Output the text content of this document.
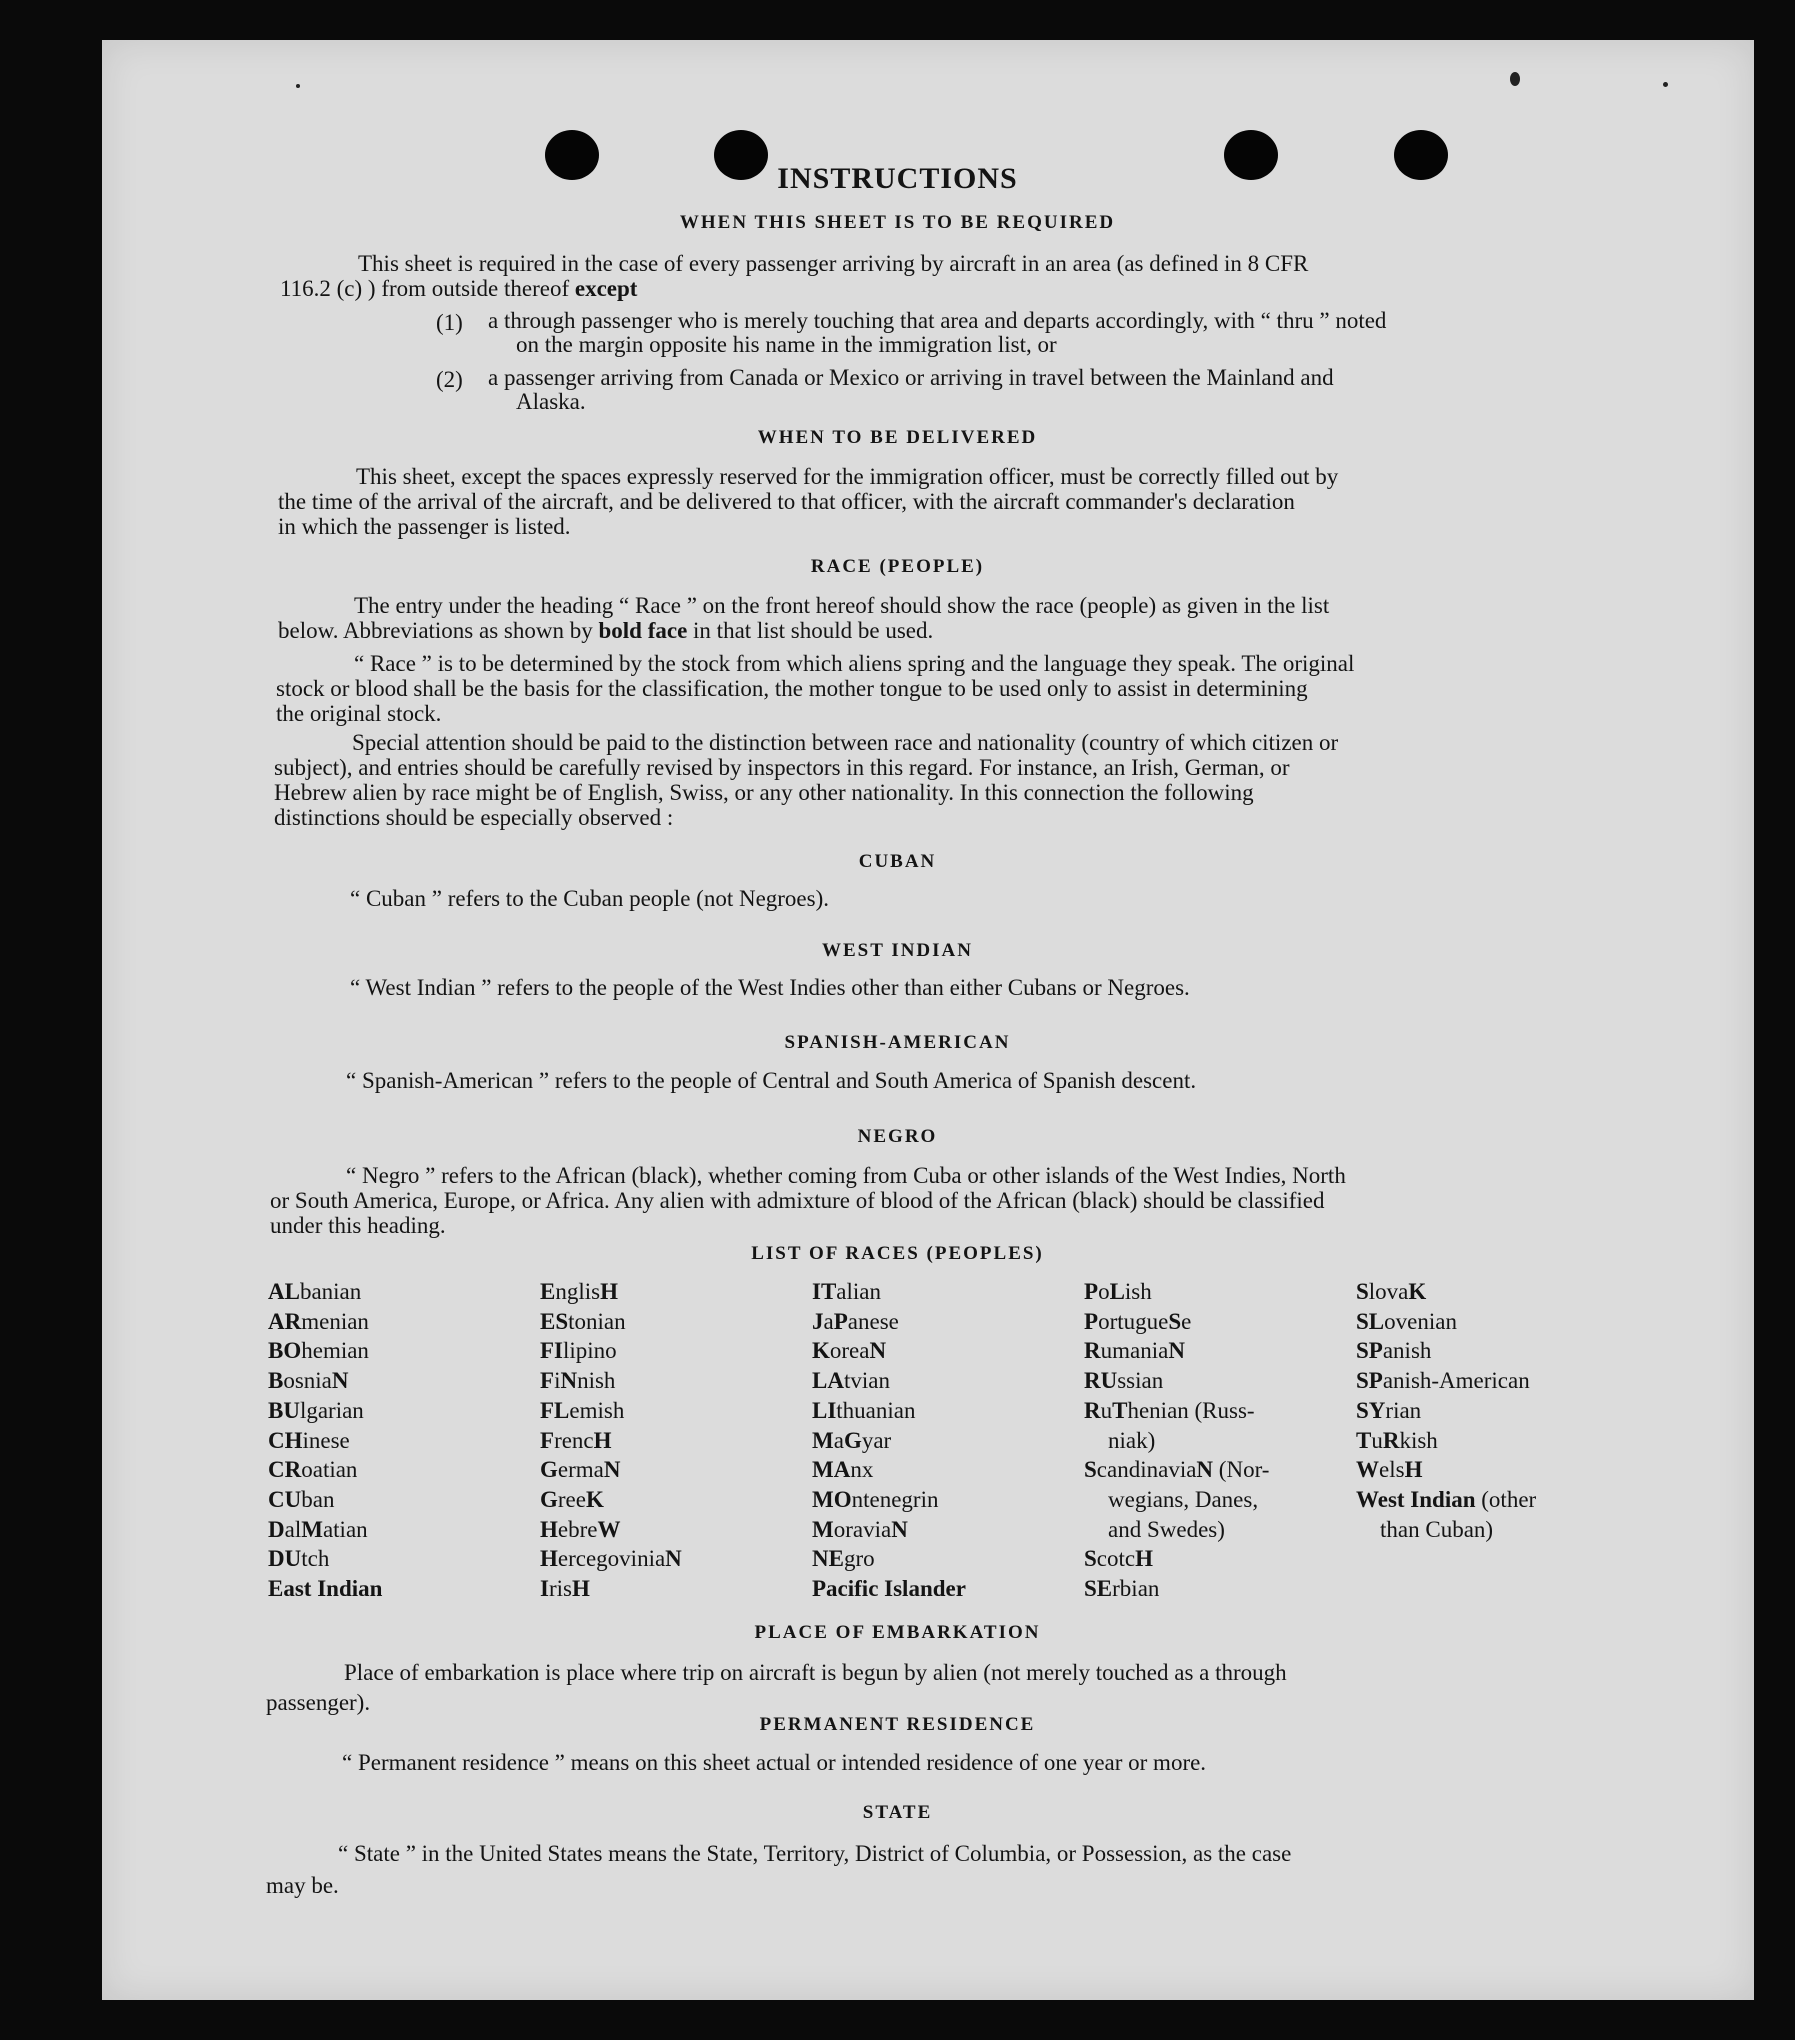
INSTRUCTIONS
WHEN THIS SHEET IS TO BE REQUIRED
This sheet is required in the case of every passenger arriving by aircraft in an area (as defined in 8 CFR
116.2 (c) ) from outside thereof except
(1) a through passenger who is merely touching that area and departs accordingly, with “ thru ” noted
on the margin opposite his name in the immigration list, or
(2) a passenger arriving from Canada or Mexico or arriving in travel between the Mainland and
Alaska.
WHEN TO BE DELIVERED
This sheet, except the spaces expressly reserved for the immigration officer, must be correctly filled out by
the time of the arrival of the aircraft, and be delivered to that officer, with the aircraft commander's declaration
in which the passenger is listed.
RACE (PEOPLE)
The entry under the heading “ Race ” on the front hereof should show the race (people) as given in the list
below. Abbreviations as shown by bold face in that list should be used.
“ Race ” is to be determined by the stock from which aliens spring and the language they speak. The original
stock or blood shall be the basis for the classification, the mother tongue to be used only to assist in determining
the original stock.
Special attention should be paid to the distinction between race and nationality (country of which citizen or
subject), and entries should be carefully revised by inspectors in this regard. For instance, an Irish, German, or
Hebrew alien by race might be of English, Swiss, or any other nationality. In this connection the following
distinctions should be especially observed :
CUBAN
“ Cuban ” refers to the Cuban people (not Negroes).
WEST INDIAN
“ West Indian ” refers to the people of the West Indies other than either Cubans or Negroes.
SPANISH-AMERICAN
“ Spanish-American ” refers to the people of Central and South America of Spanish descent.
NEGRO
“ Negro ” refers to the African (black), whether coming from Cuba or other islands of the West Indies, North
or South America, Europe, or Africa. Any alien with admixture of blood of the African (black) should be classified
under this heading.
LIST OF RACES (PEOPLES)
ALbanian
ARmenian
BOhemian
BosniaN
BUlgarian
CHinese
CRoatian
CUban
DalMatian
DUtch
East Indian
EnglisH
EStonian
FIlipino
FiNnish
FLemish
FrencH
GermaN
GreeK
HebreW
HercegoviniaN
IrisH
ITalian
JaPanese
KoreaN
LAtvian
LIthuanian
MaGyar
MAnx
MOntenegrin
MoraviaN
NEgro
Pacific Islander
PoLish
PortugueSe
RumaniaN
RUssian
RuThenian (Russ-
niak)
ScandinaviaN (Nor-
wegians, Danes,
and Swedes)
ScotcH
SErbian
SlovaK
SLovenian
SPanish
SPanish-American
SYrian
TuRkish
WelsH
West Indian (other
than Cuban)
PLACE OF EMBARKATION
Place of embarkation is place where trip on aircraft is begun by alien (not merely touched as a through
passenger).
PERMANENT RESIDENCE
“ Permanent residence ” means on this sheet actual or intended residence of one year or more.
STATE
“ State ” in the United States means the State, Territory, District of Columbia, or Possession, as the case
may be.
